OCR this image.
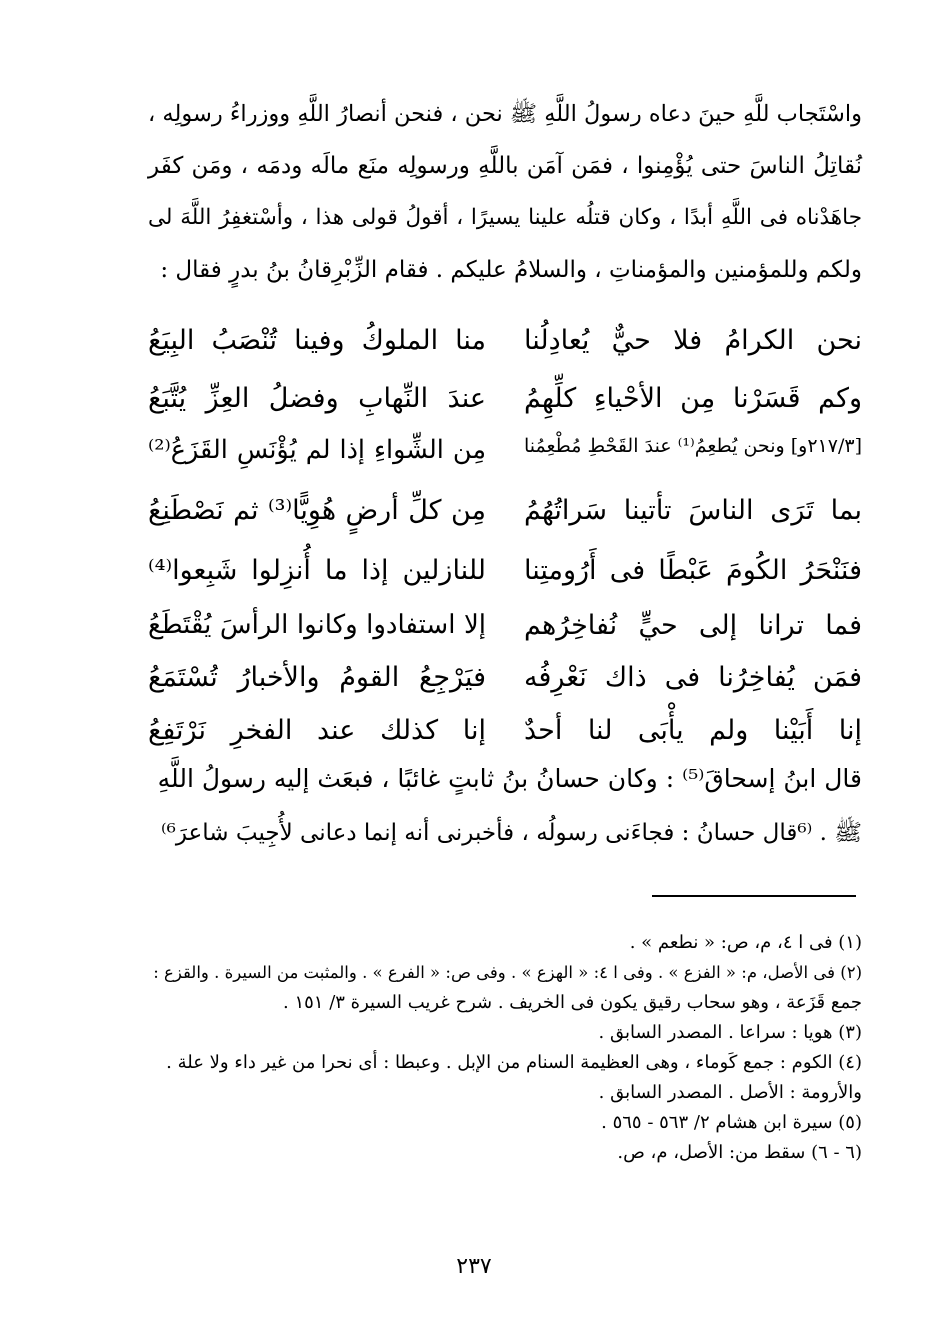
واسْتَجاب للَّهِ حينَ دعاه رسولُ اللَّهِ ﷺ نحن ، فنحن أنصارُ اللَّهِ ووزراءُ رسولِه ،
نُقاتِلُ الناسَ حتى يُؤْمِنوا ، فمَن آمَن باللَّهِ ورسولِه منَع مالَه ودمَه ، ومَن كفَر
جاهَدْناه فى اللَّهِ أبدًا ، وكان قتلُه علينا يسيرًا ، أقولُ قولى هذا ، وأسْتغفِرُ اللَّهَ لى
ولكم وللمؤمنين والمؤمناتِ ، والسلامُ عليكم . فقام الزِّبْرِقانُ بنُ بدرٍ فقال :
نحن الكرامُ فلا حيٌّ يُعادِلُنا
منا الملوكُ وفينا تُنْصَبُ البِيَعُ
وكم قَسَرْنا مِن الأحْياءِ كلِّهِمُ
عندَ النِّهابِ وفضلُ العِزِّ يُتَّبَعُ
[٢١٧/٣و] ونحن يُطعِمُ⁽¹⁾ عندَ القَحْطِ مُطْعِمُنا
مِن الشِّواءِ إذا لم يُؤْنَسِ القَزَعُ⁽²⁾
بما تَرَى الناسَ تأتينا سَراتُهُمُ
مِن كلِّ أرضٍ هُوِيًّا⁽³⁾ ثم نَصْطَنِعُ
فنَنْحَرُ الكُومَ عَبْطًا فى أَرُومتِنا
للنازلين إذا ما أُنزِلوا شَبِعوا⁽⁴⁾
فما ترانا إلى حيٍّ نُفاخِرُهم
إلا استفادوا وكانوا الرأسَ يُقْتَطَعُ
فمَن يُفاخِرُنا فى ذاك نَعْرِفُه
فيَرْجِعُ القومُ والأخبارُ تُسْتَمَعُ
إنا أَبَيْنا ولم يأْبَى لنا أحدٌ
إنا كذلك عند الفخرِ نَرْتَفِعُ
قال ابنُ إسحاقَ⁽⁵⁾ : وكان حسانُ بنُ ثابتٍ غائبًا ، فبعَث إليه رسولُ اللَّهِ
ﷺ . ⁽⁶قال حسانُ : فجاءَنى رسولُه ، فأخبرنى أنه إنما دعانى لأُجِيبَ شاعرَ⁶⁾
(١) فى ا ٤، م، ص: « نطعم » .
(٢) فى الأصل، م: « الفزع » . وفى ا ٤: « الهزع » . وفى ص: « الفرع » . والمثبت من السيرة . والقزع :
جمع قَزَعة ، وهو سحاب رقيق يكون فى الخريف . شرح غريب السيرة ٣/ ١٥١ .
(٣) هويا : سراعا . المصدر السابق .
(٤) الكوم : جمع كَوماء ، وهى العظيمة السنام من الإبل . وعبطا : أى نحرا من غير داء ولا علة .
والأرومة : الأصل . المصدر السابق .
(٥) سيرة ابن هشام ٢/ ٥٦٣ - ٥٦٥ .
(٦ - ٦) سقط من: الأصل، م، ص.
٢٣٧
